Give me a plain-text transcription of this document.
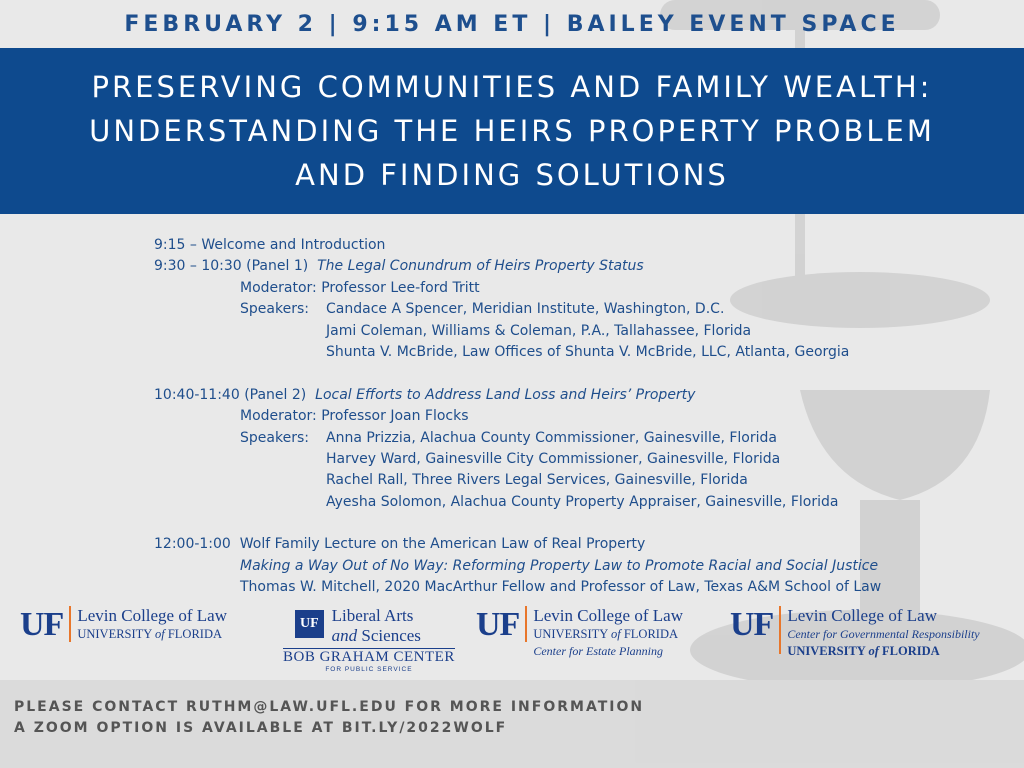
FEBRUARY 2 | 9:15 AM ET | BAILEY EVENT SPACE
PRESERVING COMMUNITIES AND FAMILY WEALTH:
UNDERSTANDING THE HEIRS PROPERTY PROBLEM
AND FINDING SOLUTIONS
9:15 – Welcome and Introduction
9:30 – 10:30 (Panel 1) The Legal Conundrum of Heirs Property Status
Moderator: Professor Lee-ford Tritt
Speakers: Candace A Spencer, Meridian Institute, Washington, D.C.
Jami Coleman, Williams & Coleman, P.A., Tallahassee, Florida
Shunta V. McBride, Law Offices of Shunta V. McBride, LLC, Atlanta, Georgia
10:40-11:40 (Panel 2) Local Efforts to Address Land Loss and Heirs’ Property
Moderator: Professor Joan Flocks
Speakers: Anna Prizzia, Alachua County Commissioner, Gainesville, Florida
Harvey Ward, Gainesville City Commissioner, Gainesville, Florida
Rachel Rall, Three Rivers Legal Services, Gainesville, Florida
Ayesha Solomon, Alachua County Property Appraiser, Gainesville, Florida
12:00-1:00 Wolf Family Lecture on the American Law of Real Property
Making a Way Out of No Way: Reforming Property Law to Promote Racial and Social Justice
Thomas W. Mitchell, 2020 MacArthur Fellow and Professor of Law, Texas A&M School of Law
UF Levin College of Law
UNIVERSITY of FLORIDA
UF Liberal Arts
and Sciences
BOB GRAHAM CENTER
FOR PUBLIC SERVICE
UF Levin College of Law
UNIVERSITY of FLORIDA
Center for Estate Planning
UF Levin College of Law
Center for Governmental Responsibility
UNIVERSITY of FLORIDA
PLEASE CONTACT RUTHM@LAW.UFL.EDU FOR MORE INFORMATION
A ZOOM OPTION IS AVAILABLE AT BIT.LY/2022WOLF
